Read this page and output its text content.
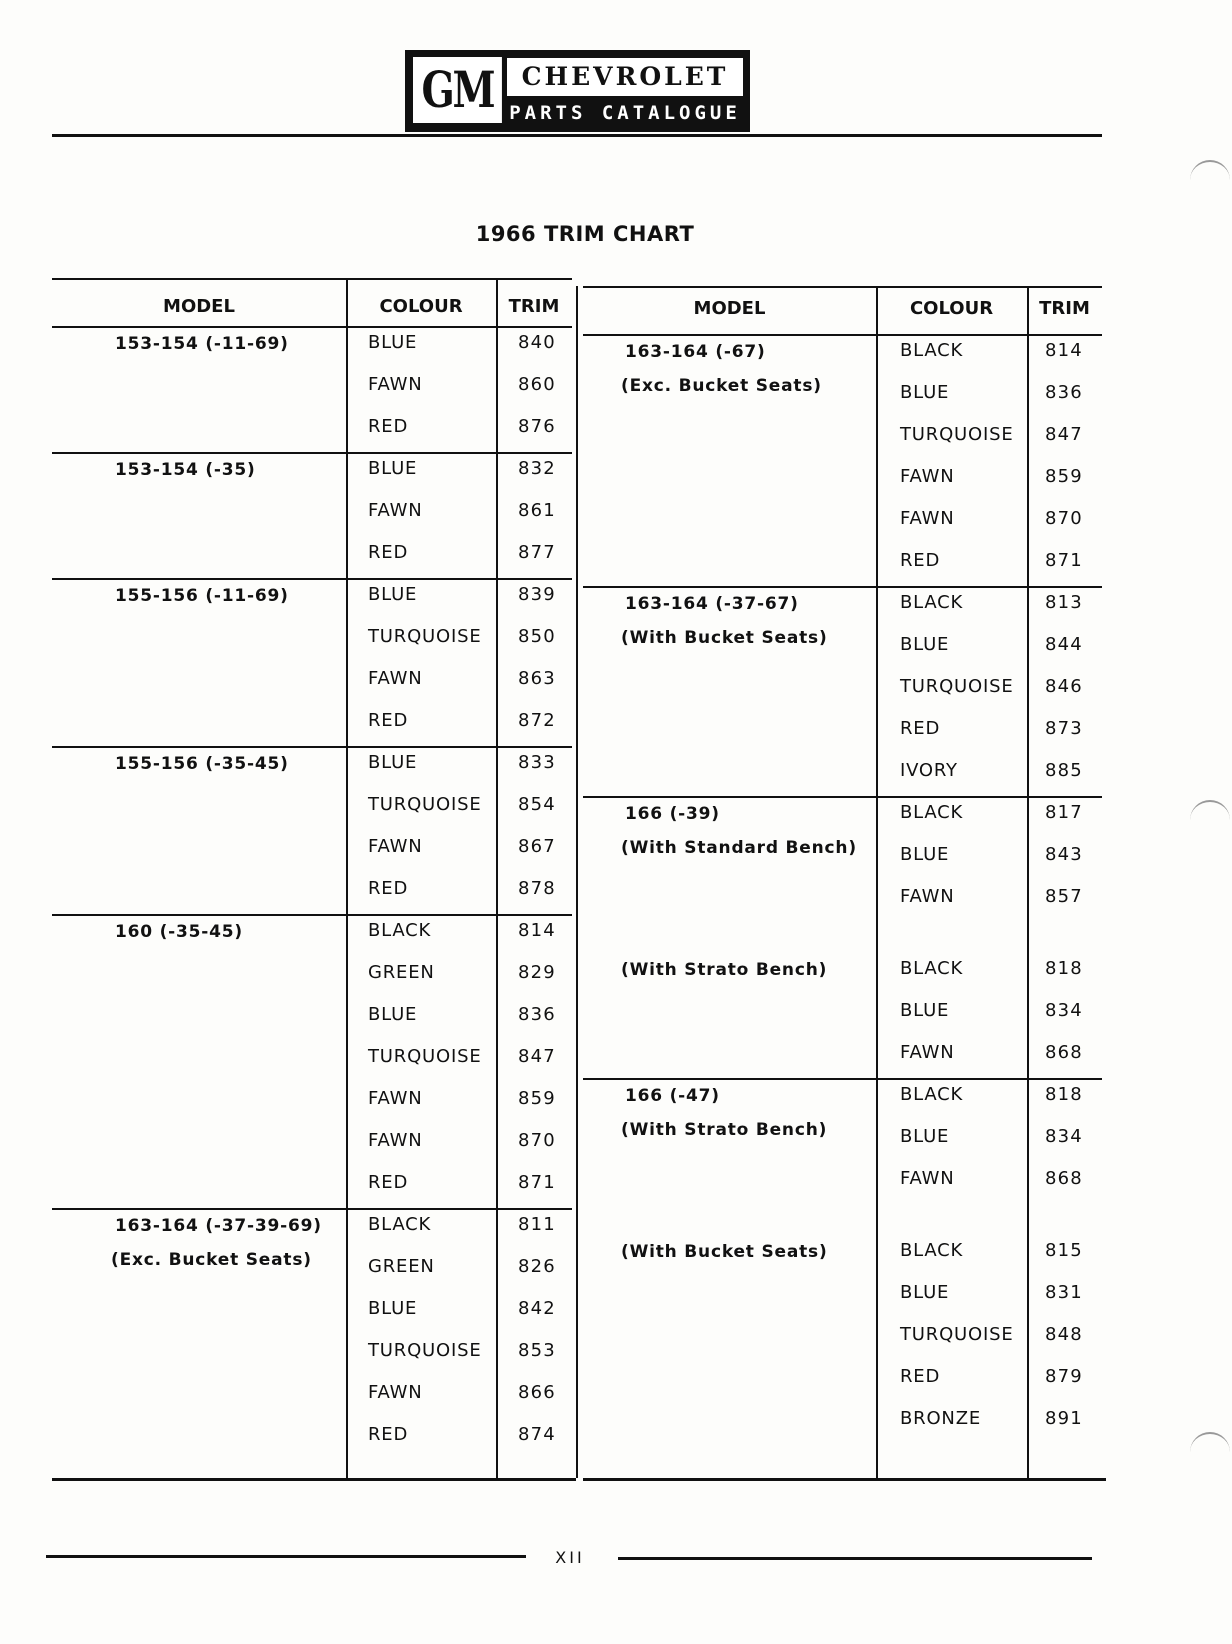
GM	CHEVROLET
PARTS CATALOGUE
1966 TRIM CHART
MODEL	COLOUR	TRIM
153-154 (-11-69)	BLUE	840
FAWN	860
RED	876
153-154 (-35)	BLUE	832
FAWN	861
RED	877
155-156 (-11-69)	BLUE	839
TURQUOISE 850
FAWN	863
RED	872
155-156 (-35-45)	BLUE	833
TURQUOISE 854
FAWN	867
RED	878
160 (-35-45)	BLACK	814
GREEN	829
BLUE	836
TURQUOISE 847
FAWN	859
FAWN	870
RED	871
163-164 (-37-39-69)
(Exc. Bucket Seats)
BLACK	811
GREEN	826
BLUE	842
TURQUOISE 853
FAWN	866
RED	874
MODEL	COLOUR	TRIM
163-164 (-67)
(Exc. Bucket Seats)
BLACK	814
BLUE	836
TURQUOISE 847
FAWN	859
FAWN	870
RED	871
163-164 (-37-67)
(With Bucket Seats)
BLACK	813
BLUE	844
TURQUOISE 846
RED	873
IVORY	885
166 (-39)
(With Standard Bench)
BLACK	817
BLUE	843
FAWN	857
(With Strato Bench)	BLACK	818
BLUE	834
FAWN	868
166 (-47)
(With Strato Bench)
BLACK	818
BLUE	834
FAWN	868
(With Bucket Seats)	BLACK	815
BLUE	831
TURQUOISE 848
RED	879
BRONZE	891
XII
